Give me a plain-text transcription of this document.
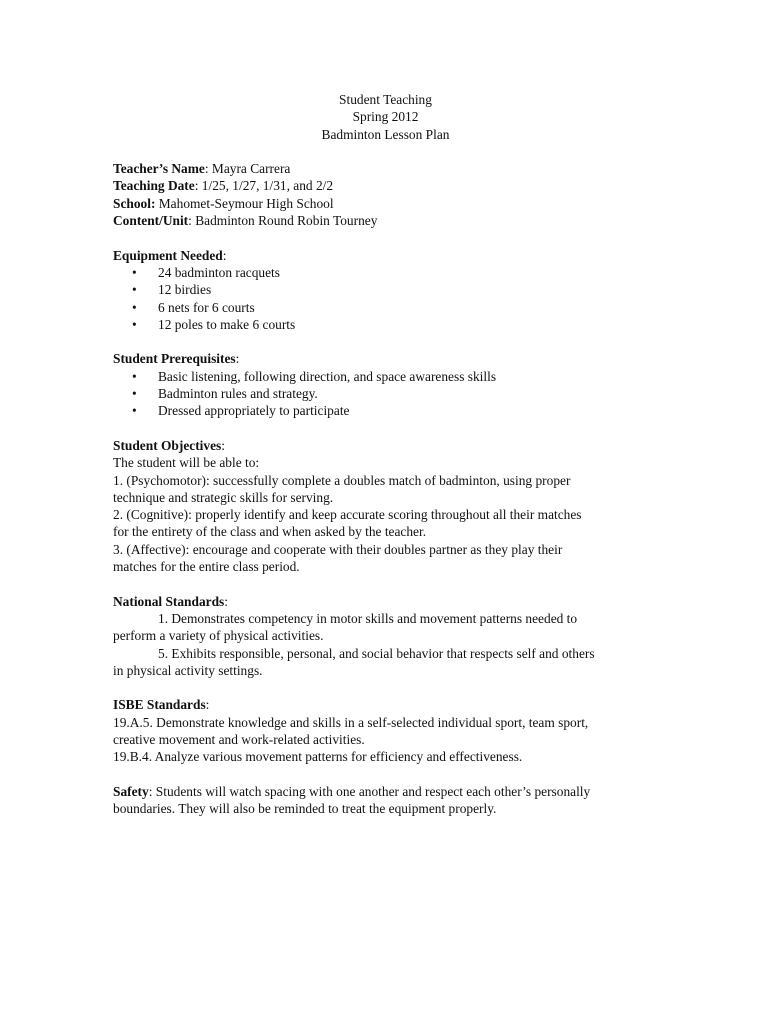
Student Teaching
Spring 2012
Badminton Lesson Plan
Teacher’s Name: Mayra Carrera
Teaching Date: 1/25, 1/27, 1/31, and 2/2
School: Mahomet-Seymour High School
Content/Unit: Badminton Round Robin Tourney
Equipment Needed:
• 24 badminton racquets
• 12 birdies
• 6 nets for 6 courts
• 12 poles to make 6 courts
Student Prerequisites:
• Basic listening, following direction, and space awareness skills
• Badminton rules and strategy.
• Dressed appropriately to participate
Student Objectives:
The student will be able to:
1. (Psychomotor): successfully complete a doubles match of badminton, using proper
technique and strategic skills for serving.
2. (Cognitive): properly identify and keep accurate scoring throughout all their matches
for the entirety of the class and when asked by the teacher.
3. (Affective): encourage and cooperate with their doubles partner as they play their
matches for the entire class period.
National Standards:
1. Demonstrates competency in motor skills and movement patterns needed to
perform a variety of physical activities.
5. Exhibits responsible, personal, and social behavior that respects self and others
in physical activity settings.
ISBE Standards:
19.A.5. Demonstrate knowledge and skills in a self-selected individual sport, team sport,
creative movement and work-related activities.
19.B.4. Analyze various movement patterns for efficiency and effectiveness.
Safety: Students will watch spacing with one another and respect each other’s personally
boundaries. They will also be reminded to treat the equipment properly.
